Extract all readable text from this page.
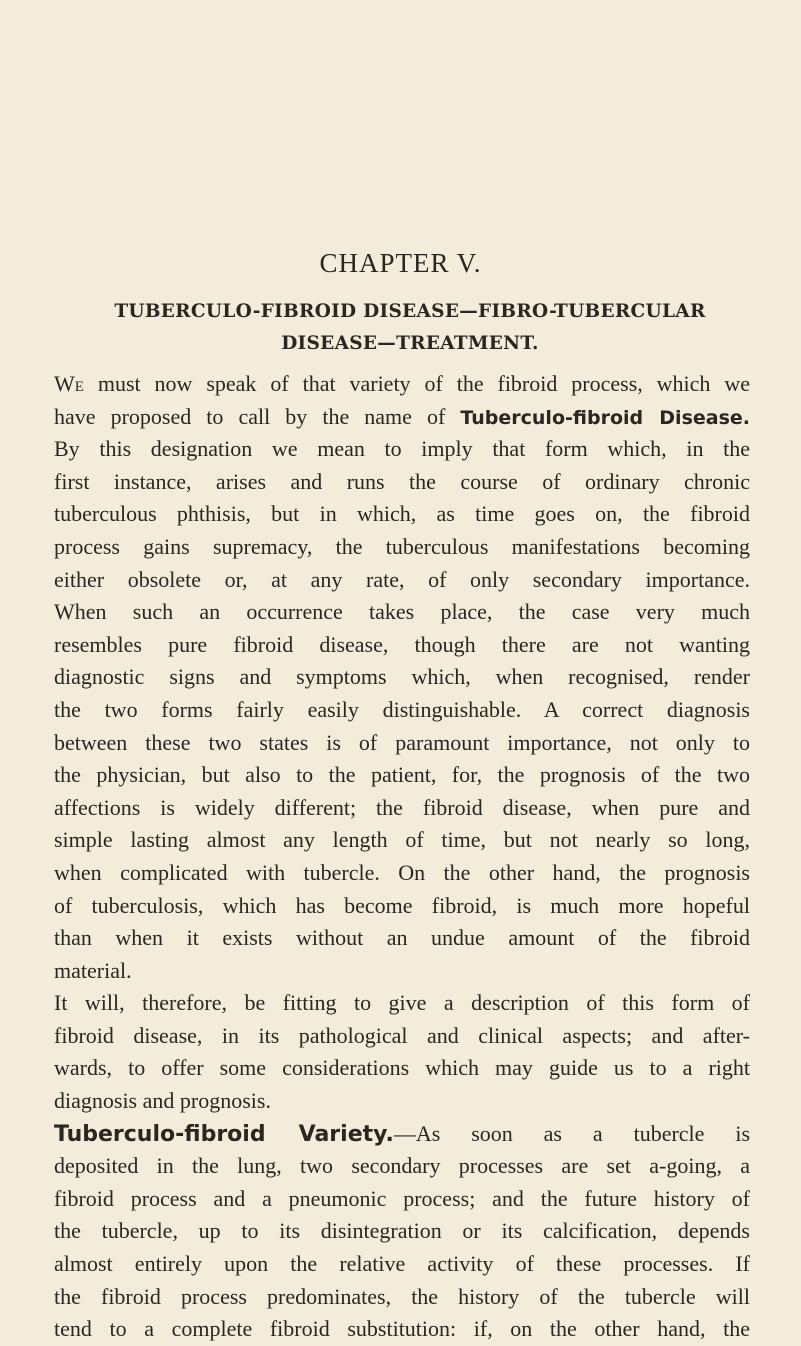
CHAPTER V.
TUBERCULO-FIBROID DISEASE—FIBRO-TUBERCULAR
DISEASE—TREATMENT.
We must now speak of that variety of the fibroid process, which we
have proposed to call by the name of Tuberculo-fibroid Disease.
By this designation we mean to imply that form which, in the
first instance, arises and runs the course of ordinary chronic
tuberculous phthisis, but in which, as time goes on, the fibroid
process gains supremacy, the tuberculous manifestations becoming
either obsolete or, at any rate, of only secondary importance.
When such an occurrence takes place, the case very much
resembles pure fibroid disease, though there are not wanting
diagnostic signs and symptoms which, when recognised, render
the two forms fairly easily distinguishable. A correct diagnosis
between these two states is of paramount importance, not only to
the physician, but also to the patient, for, the prognosis of the two
affections is widely different; the fibroid disease, when pure and
simple lasting almost any length of time, but not nearly so long,
when complicated with tubercle. On the other hand, the prognosis
of tuberculosis, which has become fibroid, is much more hopeful
than when it exists without an undue amount of the fibroid
material.
It will, therefore, be fitting to give a description of this form of
fibroid disease, in its pathological and clinical aspects; and after-
wards, to offer some considerations which may guide us to a right
diagnosis and prognosis.
Tuberculo-fibroid Variety.—As soon as a tubercle is
deposited in the lung, two secondary processes are set a-going, a
fibroid process and a pneumonic process; and the future history of
the tubercle, up to its disintegration or its calcification, depends
almost entirely upon the relative activity of these processes. If
the fibroid process predominates, the history of the tubercle will
tend to a complete fibroid substitution: if, on the other hand, the
